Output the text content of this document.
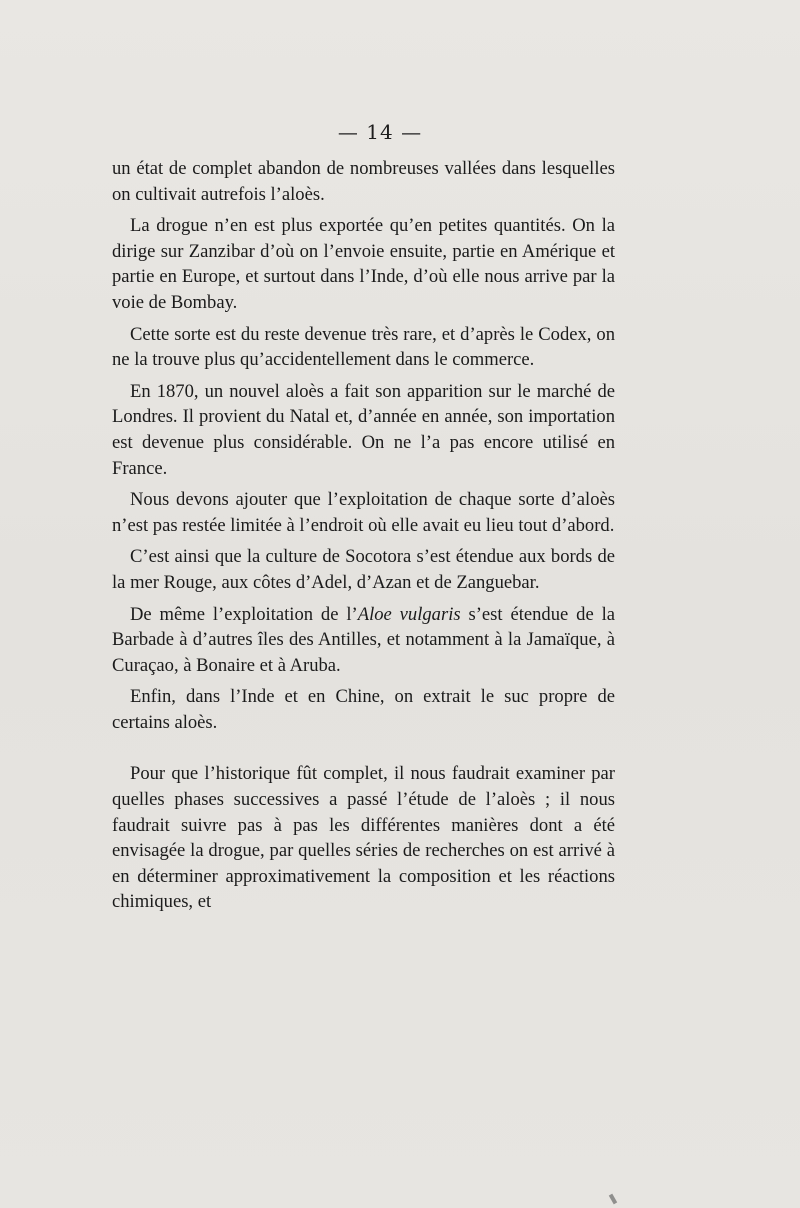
— 14 —

un état de complet abandon de nombreuses vallées dans lesquelles on cultivait autrefois l’aloès.

La drogue n’en est plus exportée qu’en petites quantités. On la dirige sur Zanzibar d’où on l’envoie ensuite, partie en Amérique et partie en Europe, et surtout dans l’Inde, d’où elle nous arrive par la voie de Bombay.

Cette sorte est du reste devenue très rare, et d’après le Codex, on ne la trouve plus qu’accidentellement dans le commerce.

En 1870, un nouvel aloès a fait son apparition sur le marché de Londres. Il provient du Natal et, d’année en année, son importation est devenue plus considérable. On ne l’a pas encore utilisé en France.

Nous devons ajouter que l’exploitation de chaque sorte d’aloès n’est pas restée limitée à l’endroit où elle avait eu lieu tout d’abord.

C’est ainsi que la culture de Socotora s’est étendue aux bords de la mer Rouge, aux côtes d’Adel, d’Azan et de Zanguebar.

De même l’exploitation de l’Aloe vulgaris s’est étendue de la Barbade à d’autres îles des Antilles, et notamment à la Jamaïque, à Curaçao, à Bonaire et à Aruba.

Enfin, dans l’Inde et en Chine, on extrait le suc propre de certains aloès.

Pour que l’historique fût complet, il nous faudrait examiner par quelles phases successives a passé l’étude de l’aloès ; il nous faudrait suivre pas à pas les différentes manières dont a été envisagée la drogue, par quelles séries de recherches on est arrivé à en déterminer approximativement la composition et les réactions chimiques, et
